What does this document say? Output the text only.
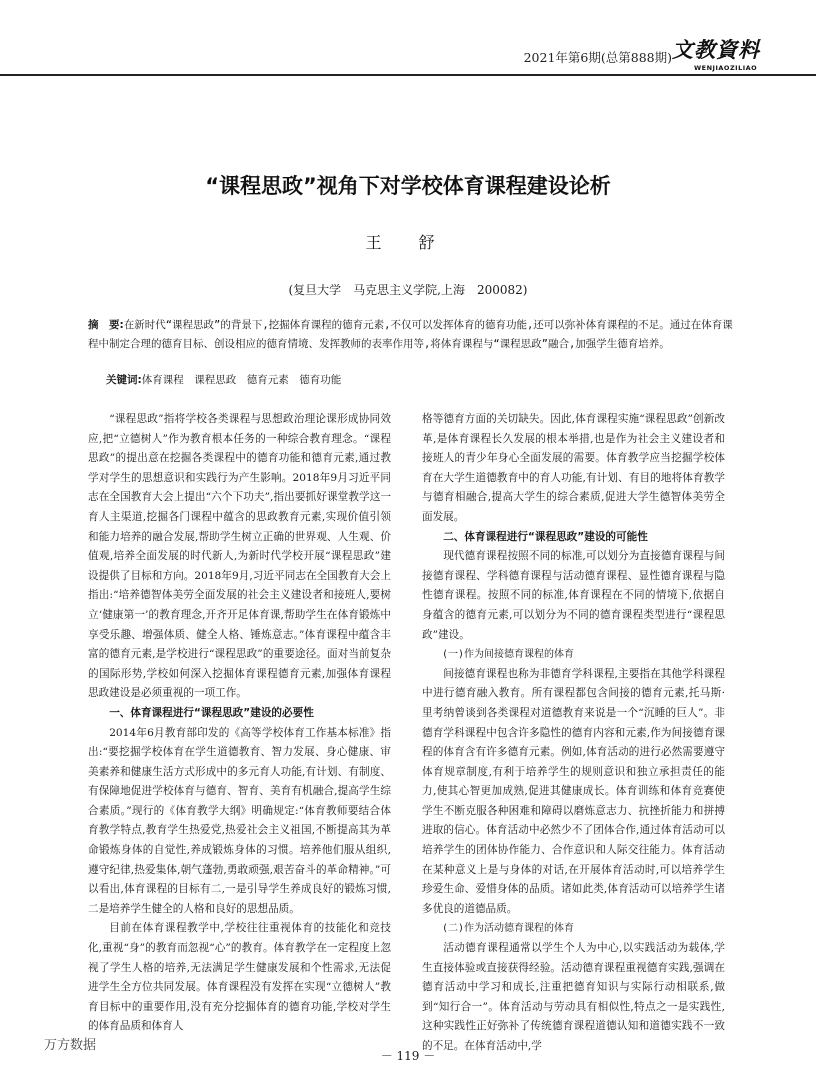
2021年第6期(总第888期) 文教資料
WENJIAOZILIAO
“课程思政”视角下对学校体育课程建设论析
王 舒
(复旦大学　马克思主义学院,上海　200082)
摘　要:在新时代“课程思政”的背景下,挖掘体育课程的德育元素,不仅可以发挥体育的德育功能,还可以弥补体育课程的不足。通过在体育课程中制定合理的德育目标、创设相应的德育情境、发挥教师的表率作用等,将体育课程与“课程思政”融合,加强学生德育培养。
关键词:体育课程　课程思政　德育元素　德育功能

“课程思政”指将学校各类课程与思想政治理论课形成协同效应,把“立德树人”作为教育根本任务的一种综合教育理念。“课程思政”的提出意在挖掘各类课程中的德育功能和德育元素,通过教学对学生的思想意识和实践行为产生影响。2018年9月习近平同志在全国教育大会上提出“六个下功夫”,指出要抓好课堂教学这一育人主渠道,挖掘各门课程中蕴含的思政教育元素,实现价值引领和能力培养的融合发展,帮助学生树立正确的世界观、人生观、价值观,培养全面发展的时代新人,为新时代学校开展“课程思政”建设提供了目标和方向。2018年9月,习近平同志在全国教育大会上指出:“培养德智体美劳全面发展的社会主义建设者和接班人,要树立‘健康第一’的教育理念,开齐开足体育课,帮助学生在体育锻炼中享受乐趣、增强体质、健全人格、锤炼意志。”体育课程中蕴含丰富的德育元素,是学校进行“课程思政”的重要途径。面对当前复杂的国际形势,学校如何深入挖掘体育课程德育元素,加强体育课程思政建设是必须重视的一项工作。

一、体育课程进行“课程思政”建设的必要性

2014年6月教育部印发的《高等学校体育工作基本标准》指出:“要挖掘学校体育在学生道德教育、智力发展、身心健康、审美素养和健康生活方式形成中的多元育人功能,有计划、有制度、有保障地促进学校体育与德育、智育、美育有机融合,提高学生综合素质。”现行的《体育教学大纲》明确规定:“体育教师要结合体育教学特点,教育学生热爱党,热爱社会主义祖国,不断提高其为革命锻炼身体的自觉性,养成锻炼身体的习惯。培养他们服从组织,遵守纪律,热爱集体,朝气蓬勃,勇敢顽强,艰苦奋斗的革命精神。”可以看出,体育课程的目标有二,一是引导学生养成良好的锻炼习惯,二是培养学生健全的人格和良好的思想品质。

目前在体育课程教学中,学校往往重视体育的技能化和竞技化,重视“身”的教育而忽视“心”的教育。体育教学在一定程度上忽视了学生人格的培养,无法满足学生健康发展和个性需求,无法促进学生全方位共同发展。体育课程没有发挥在实现“立德树人”教育目标中的重要作用,没有充分挖掘体育的德育功能,学校对学生的体育品质和体育人

格等德育方面的关切缺失。因此,体育课程实施“课程思政”创新改革,是体育课程长久发展的根本举措,也是作为社会主义建设者和接班人的青少年身心全面发展的需要。体育教学应当挖掘学校体育在大学生道德教育中的育人功能,有计划、有目的地将体育教学与德育相融合,提高大学生的综合素质,促进大学生德智体美劳全面发展。

二、体育课程进行“课程思政”建设的可能性

现代德育课程按照不同的标准,可以划分为直接德育课程与间接德育课程、学科德育课程与活动德育课程、显性德育课程与隐性德育课程。按照不同的标准,体育课程在不同的情境下,依据自身蕴含的德育元素,可以划分为不同的德育课程类型进行“课程思政”建设。

(一)作为间接德育课程的体育

间接德育课程也称为非德育学科课程,主要指在其他学科课程中进行德育融入教育。所有课程都包含间接的德育元素,托马斯·里考纳曾谈到各类课程对道德教育来说是一个“沉睡的巨人”。非德育学科课程中包含许多隐性的德育内容和元素,作为间接德育课程的体育含有许多德育元素。例如,体育活动的进行必然需要遵守体育规章制度,有利于培养学生的规则意识和独立承担责任的能力,使其心智更加成熟,促进其健康成长。体育训练和体育竞赛使学生不断克服各种困难和障碍以磨炼意志力、抗挫折能力和拼搏进取的信心。体育活动中必然少不了团体合作,通过体育活动可以培养学生的团体协作能力、合作意识和人际交往能力。体育活动在某种意义上是与身体的对话,在开展体育活动时,可以培养学生珍爱生命、爱惜身体的品质。诸如此类,体育活动可以培养学生诸多优良的道德品质。

(二)作为活动德育课程的体育

活动德育课程通常以学生个人为中心,以实践活动为载体,学生直接体验或直接获得经验。活动德育课程重视德育实践,强调在德育活动中学习和成长,注重把德育知识与实际行动相联系,做到“知行合一”。体育活动与劳动具有相似性,特点之一是实践性,这种实践性正好弥补了传统德育课程道德认知和道德实践不一致的不足。在体育活动中,学

万方数据
－ 119 －
